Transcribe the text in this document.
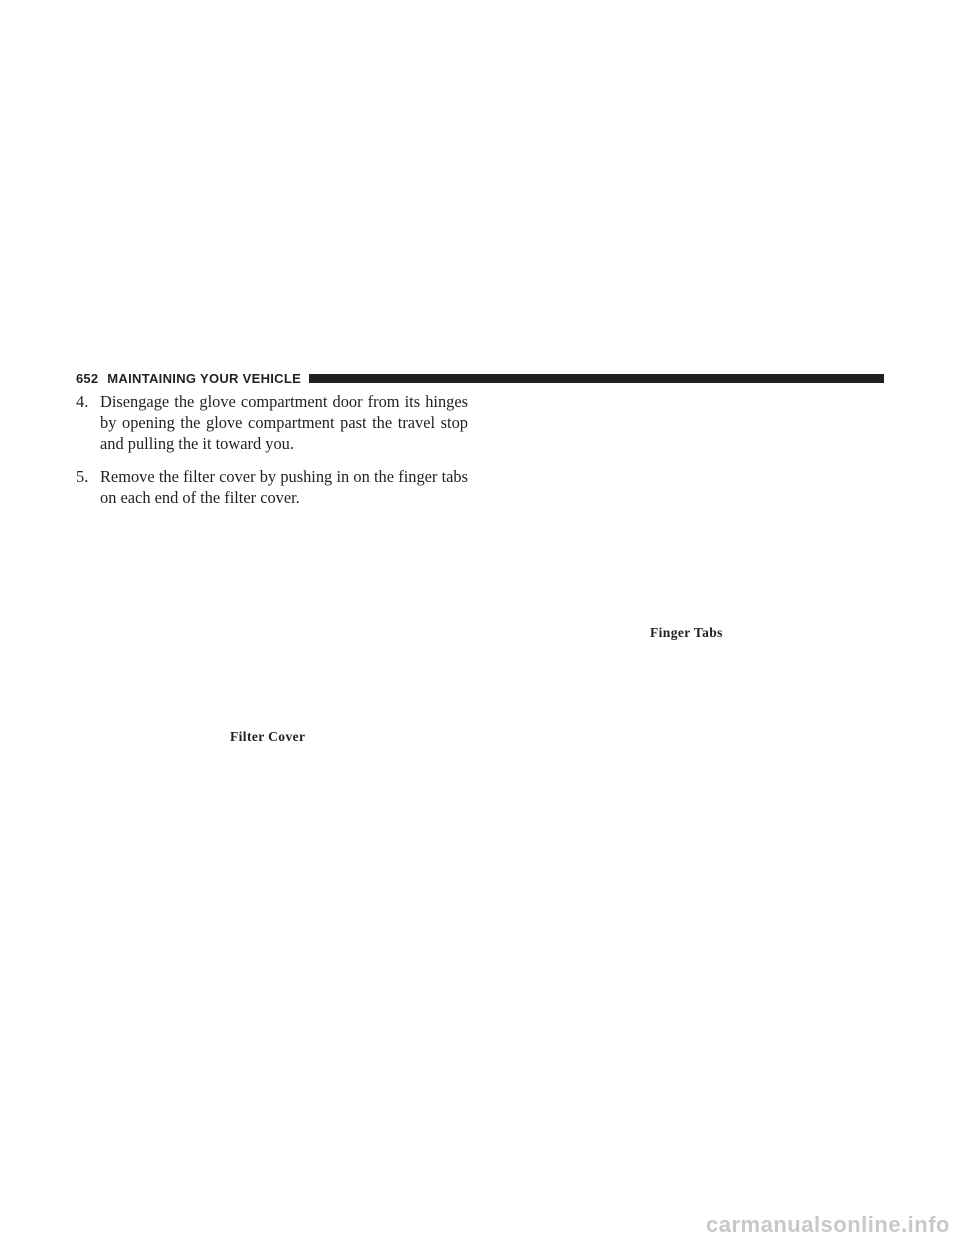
652 MAINTAINING YOUR VEHICLE
4. Disengage the glove compartment door from its hinges by opening the glove compartment past the travel stop and pulling the it toward you.
5. Remove the filter cover by pushing in on the finger tabs on each end of the filter cover.
Finger Tabs
Filter Cover
carmanualsonline.info
